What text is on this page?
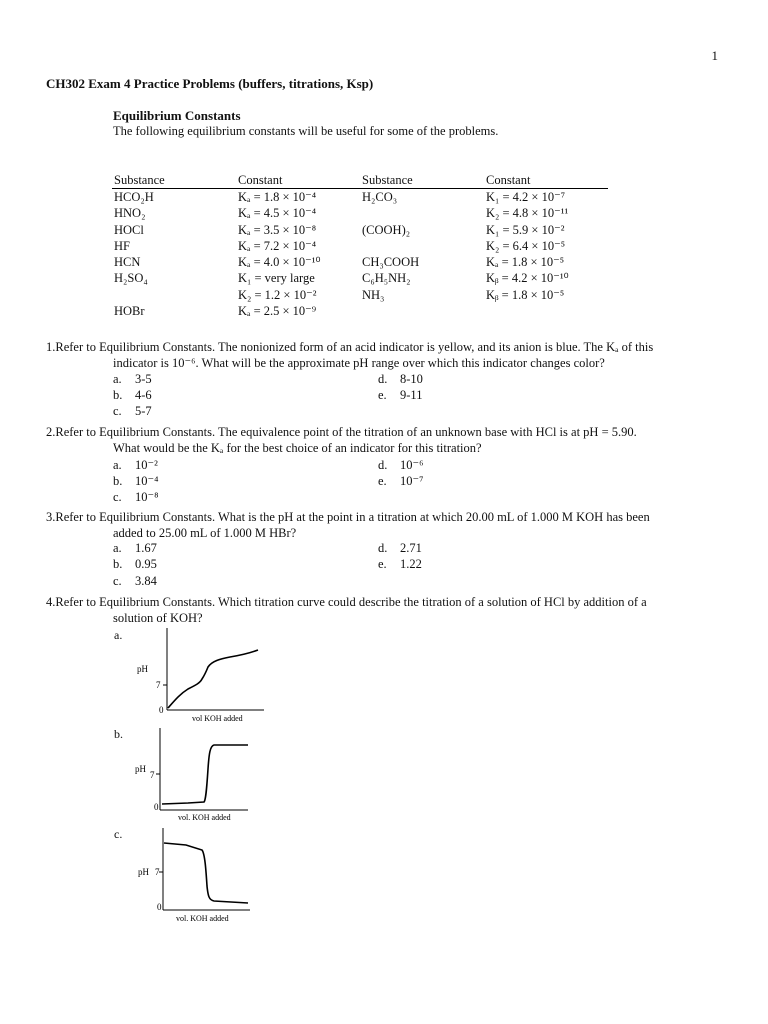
1
CH302 Exam 4 Practice Problems (buffers, titrations, Ksp)
Equilibrium Constants
The following equilibrium constants will be useful for some of the problems.
Substance	Constant	Substance	Constant
HCO₂H	Kₐ = 1.8 × 10⁻⁴	H₂CO₃	K₁ = 4.2 × 10⁻⁷
HNO₂	Kₐ = 4.5 × 10⁻⁴		K₂ = 4.8 × 10⁻¹¹
HOCl	Kₐ = 3.5 × 10⁻⁸	(COOH)₂	K₁ = 5.9 × 10⁻²
HF	Kₐ = 7.2 × 10⁻⁴		K₂ = 6.4 × 10⁻⁵
HCN	Kₐ = 4.0 × 10⁻¹⁰	CH₃COOH	Kₐ = 1.8 × 10⁻⁵
H₂SO₄	K₁ = very large	C₆H₅NH₂	Kᵦ = 4.2 × 10⁻¹⁰
	K₂ = 1.2 × 10⁻²	NH₃	Kᵦ = 1.8 × 10⁻⁵
HOBr	Kₐ = 2.5 × 10⁻⁹		
1.Refer to Equilibrium Constants. The nonionized form of an acid indicator is yellow, and its anion is blue. The Kₐ of this
indicator is 10⁻⁶. What will be the approximate pH range over which this indicator changes color?
a. 3-5
b. 4-6
c. 5-7
d. 8-10
e. 9-11
2.Refer to Equilibrium Constants. The equivalence point of the titration of an unknown base with HCl is at pH = 5.90.
What would be the Kₐ for the best choice of an indicator for this titration?
a. 10⁻²
b. 10⁻⁴
c. 10⁻⁸
d. 10⁻⁶
e. 10⁻⁷
3.Refer to Equilibrium Constants. What is the pH at the point in a titration at which 20.00 mL of 1.000 M KOH has been
added to 25.00 mL of 1.000 M HBr?
a. 1.67
b. 0.95
c. 3.84
d. 2.71
e. 1.22
4.Refer to Equilibrium Constants. Which titration curve could describe the titration of a solution of HCl by addition of a
solution of KOH?
a.
pH
7
0
vol KOH added
b.
pH
7
0
vol. KOH added
c.
pH 7
0
vol. KOH added
